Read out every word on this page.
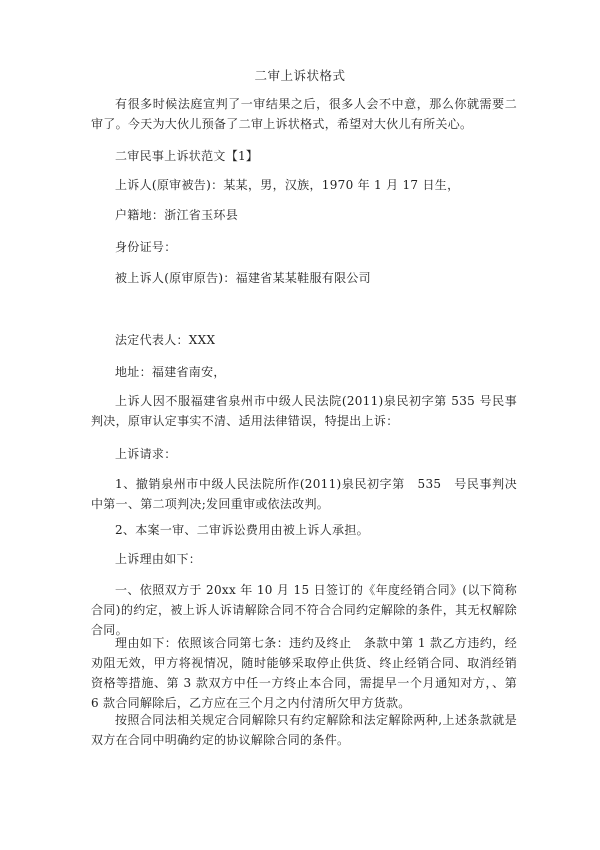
二审上诉状格式

有很多时候法庭宣判了一审结果之后，很多人会不中意，那么你就需要二审了。今天为大伙儿预备了二审上诉状格式，希望对大伙儿有所关心。

二审民事上诉状范文【1】

上诉人(原审被告)：某某，男，汉族，1970 年 1 月 17 日生，

户籍地：浙江省玉环县

身份证号：

被上诉人(原审原告)：福建省某某鞋服有限公司

法定代表人：XXX

地址：福建省南安，

上诉人因不服福建省泉州市中级人民法院(2011)泉民初字第 535 号民事判决，原审认定事实不清、适用法律错误，特提出上诉：

上诉请求：

1、撤销泉州市中级人民法院所作(2011)泉民初字第　535　号民事判决中第一、第二项判决;发回重审或依法改判。

2、本案一审、二审诉讼费用由被上诉人承担。

上诉理由如下：

一、依照双方于 20xx 年 10 月 15 日签订的《年度经销合同》(以下简称合同)的约定，被上诉人诉请解除合同不符合合同约定解除的条件，其无权解除合同。

理由如下：依照该合同第七条：违约及终止　条款中第 1 款乙方违约，经劝阻无效，甲方将视情况，随时能够采取停止供货、终止经销合同、取消经销资格等措施、第 3 款双方中任一方终止本合同，需提早一个月通知对方，、第 6 款合同解除后，乙方应在三个月之内付清所欠甲方货款。

按照合同法相关规定合同解除只有约定解除和法定解除两种,上述条款就是双方在合同中明确约定的协议解除合同的条件。
